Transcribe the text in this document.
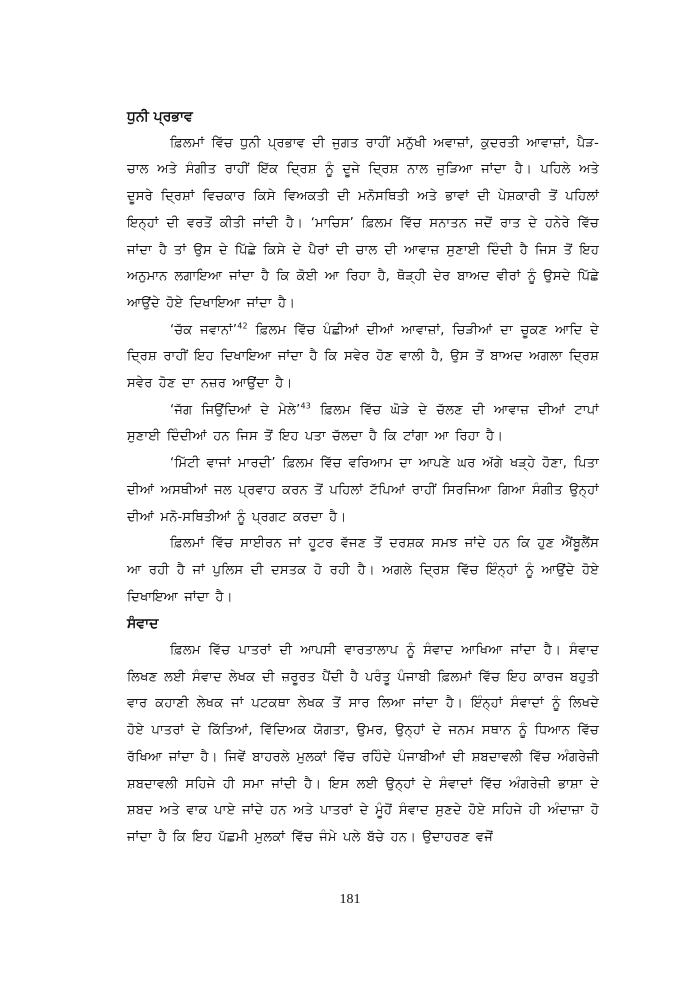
ਧੁਨੀ ਪ੍ਰਭਾਵ

ਫ਼ਿਲਮਾਂ ਵਿੱਚ ਧੁਨੀ ਪ੍ਰਭਾਵ ਦੀ ਜੁਗਤ ਰਾਹੀਂ ਮਨੁੱਖੀ ਅਵਾਜ਼ਾਂ, ਕੁਦਰਤੀ ਆਵਾਜ਼ਾਂ, ਪੈੜ-ਚਾਲ ਅਤੇ ਸੰਗੀਤ ਰਾਹੀਂ ਇੱਕ ਦ੍ਰਿਸ਼ ਨੂੰ ਦੂਜੇ ਦ੍ਰਿਸ਼ ਨਾਲ ਜੁੜਿਆ ਜਾਂਦਾ ਹੈ। ਪਹਿਲੇ ਅਤੇ ਦੂਸਰੇ ਦ੍ਰਿਸ਼ਾਂ ਵਿਚਕਾਰ ਕਿਸੇ ਵਿਅਕਤੀ ਦੀ ਮਨੋਸਥਿਤੀ ਅਤੇ ਭਾਵਾਂ ਦੀ ਪੇਸ਼ਕਾਰੀ ਤੋਂ ਪਹਿਲਾਂ ਇਨ੍ਹਾਂ ਦੀ ਵਰਤੋਂ ਕੀਤੀ ਜਾਂਦੀ ਹੈ। ‘ਮਾਚਿਸ’ ਫ਼ਿਲਮ ਵਿੱਚ ਸਨਾਤਨ ਜਦੋਂ ਰਾਤ ਦੇ ਹਨੇਰੇ ਵਿੱਚ ਜਾਂਦਾ ਹੈ ਤਾਂ ਉਸ ਦੇ ਪਿੱਛੇ ਕਿਸੇ ਦੇ ਪੈਰਾਂ ਦੀ ਚਾਲ ਦੀ ਆਵਾਜ਼ ਸੁਣਾਈ ਦਿੰਦੀ ਹੈ ਜਿਸ ਤੋਂ ਇਹ ਅਨੁਮਾਨ ਲਗਾਇਆ ਜਾਂਦਾ ਹੈ ਕਿ ਕੋਈ ਆ ਰਿਹਾ ਹੈ, ਥੋੜ੍ਹੀ ਦੇਰ ਬਾਅਦ ਵੀਰਾਂ ਨੂੰ ਉਸਦੇ ਪਿੱਛੇ ਆਉਂਦੇ ਹੋਏ ਦਿਖਾਇਆ ਜਾਂਦਾ ਹੈ।

‘ਚੱਕ ਜਵਾਨਾਂ’$^{42}$ ਫ਼ਿਲਮ ਵਿੱਚ ਪੰਛੀਆਂ ਦੀਆਂ ਆਵਾਜ਼ਾਂ, ਚਿੜੀਆਂ ਦਾ ਚੂਕਣ ਆਦਿ ਦੇ ਦ੍ਰਿਸ਼ ਰਾਹੀਂ ਇਹ ਦਿਖਾਇਆ ਜਾਂਦਾ ਹੈ ਕਿ ਸਵੇਰ ਹੋਣ ਵਾਲੀ ਹੈ, ਉਸ ਤੋਂ ਬਾਅਦ ਅਗਲਾ ਦ੍ਰਿਸ਼ ਸਵੇਰ ਹੋਣ ਦਾ ਨਜ਼ਰ ਆਉਂਦਾ ਹੈ।

‘ਜੱਗ ਜਿਉਂਦਿਆਂ ਦੇ ਮੇਲੇ’$^{43}$ ਫ਼ਿਲਮ ਵਿੱਚ ਘੋੜੇ ਦੇ ਚੱਲਣ ਦੀ ਆਵਾਜ਼ ਦੀਆਂ ਟਾਪਾਂ ਸੁਣਾਈ ਦਿੰਦੀਆਂ ਹਨ ਜਿਸ ਤੋਂ ਇਹ ਪਤਾ ਚੱਲਦਾ ਹੈ ਕਿ ਟਾਂਗਾ ਆ ਰਿਹਾ ਹੈ।

‘ਮਿੱਟੀ ਵਾਜਾਂ ਮਾਰਦੀ’ ਫ਼ਿਲਮ ਵਿੱਚ ਵਰਿਆਮ ਦਾ ਆਪਣੇ ਘਰ ਅੱਗੇ ਖੜ੍ਹੇ ਹੋਣਾ, ਪਿਤਾ ਦੀਆਂ ਅਸਥੀਆਂ ਜਲ ਪ੍ਰਵਾਹ ਕਰਨ ਤੋਂ ਪਹਿਲਾਂ ਟੱਪਿਆਂ ਰਾਹੀਂ ਸਿਰਜਿਆ ਗਿਆ ਸੰਗੀਤ ਉਨ੍ਹਾਂ ਦੀਆਂ ਮਨੋ-ਸਥਿਤੀਆਂ ਨੂੰ ਪ੍ਰਗਟ ਕਰਦਾ ਹੈ।

ਫ਼ਿਲਮਾਂ ਵਿੱਚ ਸਾਈਰਨ ਜਾਂ ਹੂਟਰ ਵੱਜਣ ਤੋਂ ਦਰਸ਼ਕ ਸਮਝ ਜਾਂਦੇ ਹਨ ਕਿ ਹੁਣ ਐਂਬੂਲੈਂਸ ਆ ਰਹੀ ਹੈ ਜਾਂ ਪੁਲਿਸ ਦੀ ਦਸਤਕ ਹੋ ਰਹੀ ਹੈ। ਅਗਲੇ ਦ੍ਰਿਸ਼ ਵਿੱਚ ਇੰਨ੍ਹਾਂ ਨੂੰ ਆਉਂਦੇ ਹੋਏ ਦਿਖਾਇਆ ਜਾਂਦਾ ਹੈ।

ਸੰਵਾਦ

ਫ਼ਿਲਮ ਵਿੱਚ ਪਾਤਰਾਂ ਦੀ ਆਪਸੀ ਵਾਰਤਾਲਾਪ ਨੂੰ ਸੰਵਾਦ ਆਖਿਆ ਜਾਂਦਾ ਹੈ। ਸੰਵਾਦ ਲਿਖਣ ਲਈ ਸੰਵਾਦ ਲੇਖਕ ਦੀ ਜ਼ਰੂਰਤ ਪੈਂਦੀ ਹੈ ਪਰੰਤੂ ਪੰਜਾਬੀ ਫ਼ਿਲਮਾਂ ਵਿੱਚ ਇਹ ਕਾਰਜ ਬਹੁਤੀ ਵਾਰ ਕਹਾਣੀ ਲੇਖਕ ਜਾਂ ਪਟਕਥਾ ਲੇਖਕ ਤੋਂ ਸਾਰ ਲਿਆ ਜਾਂਦਾ ਹੈ। ਇੰਨ੍ਹਾਂ ਸੰਵਾਦਾਂ ਨੂੰ ਲਿਖਦੇ ਹੋਏ ਪਾਤਰਾਂ ਦੇ ਕਿੱਤਿਆਂ, ਵਿੱਦਿਅਕ ਯੋਗਤਾ, ਉਮਰ, ਉਨ੍ਹਾਂ ਦੇ ਜਨਮ ਸਥਾਨ ਨੂੰ ਧਿਆਨ ਵਿੱਚ ਰੱਖਿਆ ਜਾਂਦਾ ਹੈ। ਜਿਵੇਂ ਬਾਹਰਲੇ ਮੁਲਕਾਂ ਵਿੱਚ ਰਹਿੰਦੇ ਪੰਜਾਬੀਆਂ ਦੀ ਸ਼ਬਦਾਵਲੀ ਵਿੱਚ ਅੰਗਰੇਜ਼ੀ ਸ਼ਬਦਾਵਲੀ ਸਹਿਜੇ ਹੀ ਸਮਾ ਜਾਂਦੀ ਹੈ। ਇਸ ਲਈ ਉਨ੍ਹਾਂ ਦੇ ਸੰਵਾਦਾਂ ਵਿੱਚ ਅੰਗਰੇਜ਼ੀ ਭਾਸ਼ਾ ਦੇ ਸ਼ਬਦ ਅਤੇ ਵਾਕ ਪਾਏ ਜਾਂਦੇ ਹਨ ਅਤੇ ਪਾਤਰਾਂ ਦੇ ਮੂੰਹੋਂ ਸੰਵਾਦ ਸੁਣਦੇ ਹੋਏ ਸਹਿਜੇ ਹੀ ਅੰਦਾਜ਼ਾ ਹੋ ਜਾਂਦਾ ਹੈ ਕਿ ਇਹ ਪੱਛਮੀ ਮੁਲਕਾਂ ਵਿੱਚ ਜੰਮੇ ਪਲੇ ਬੱਚੇ ਹਨ। ਉਦਾਹਰਣ ਵਜੋਂ

181
